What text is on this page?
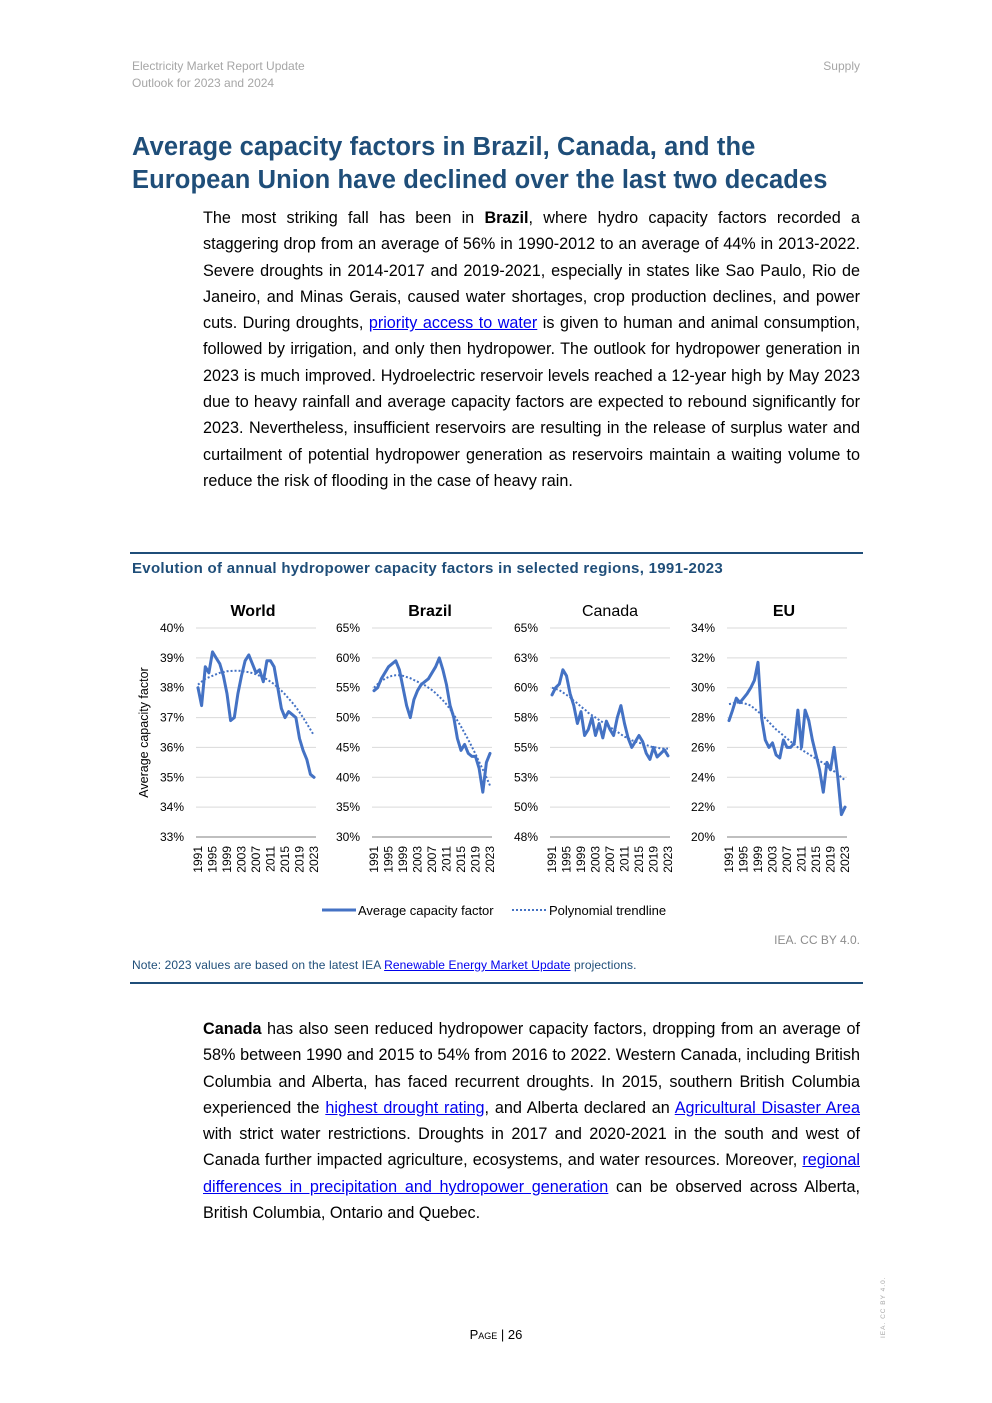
Electricity Market Report Update
Outlook for 2023 and 2024
Supply
Average capacity factors in Brazil, Canada, and the European Union have declined over the last two decades
The most striking fall has been in Brazil, where hydro capacity factors recorded a staggering drop from an average of 56% in 1990-2012 to an average of 44% in 2013-2022. Severe droughts in 2014-2017 and 2019-2021, especially in states like Sao Paulo, Rio de Janeiro, and Minas Gerais, caused water shortages, crop production declines, and power cuts. During droughts, priority access to water is given to human and animal consumption, followed by irrigation, and only then hydropower. The outlook for hydropower generation in 2023 is much improved. Hydroelectric reservoir levels reached a 12-year high by May 2023 due to heavy rainfall and average capacity factors are expected to rebound significantly for 2023. Nevertheless, insufficient reservoirs are resulting in the release of surplus water and curtailment of potential hydropower generation as reservoirs maintain a waiting volume to reduce the risk of flooding in the case of heavy rain.
Evolution of annual hydropower capacity factors in selected regions, 1991-2023
Average capacity factor
World
33%
34%
35%
36%
37%
38%
39%
40%
1991 1995 1999 2003 2007 2011 2015 2019 2023
Brazil
30%
35%
40%
45%
50%
55%
60%
65%
1991 1995 1999 2003 2007 2011 2015 2019 2023
Canada
48%
50%
53%
55%
58%
60%
63%
65%
1991 1995 1999 2003 2007 2011 2015 2019 2023
EU
20%
22%
24%
26%
28%
30%
32%
34%
1991 1995 1999 2003 2007 2011 2015 2019 2023
Average capacity factor	Polynomial trendline
IEA. CC BY 4.0.
Note: 2023 values are based on the latest IEA Renewable Energy Market Update projections.
Canada has also seen reduced hydropower capacity factors, dropping from an average of 58% between 1990 and 2015 to 54% from 2016 to 2022. Western Canada, including British Columbia and Alberta, has faced recurrent droughts. In 2015, southern British Columbia experienced the highest drought rating, and Alberta declared an Agricultural Disaster Area with strict water restrictions. Droughts in 2017 and 2020-2021 in the south and west of Canada further impacted agriculture, ecosystems, and water resources. Moreover, regional differences in precipitation and hydropower generation can be observed across Alberta, British Columbia, Ontario and Quebec.
Page | 26	IEA. CC BY 4.0.
